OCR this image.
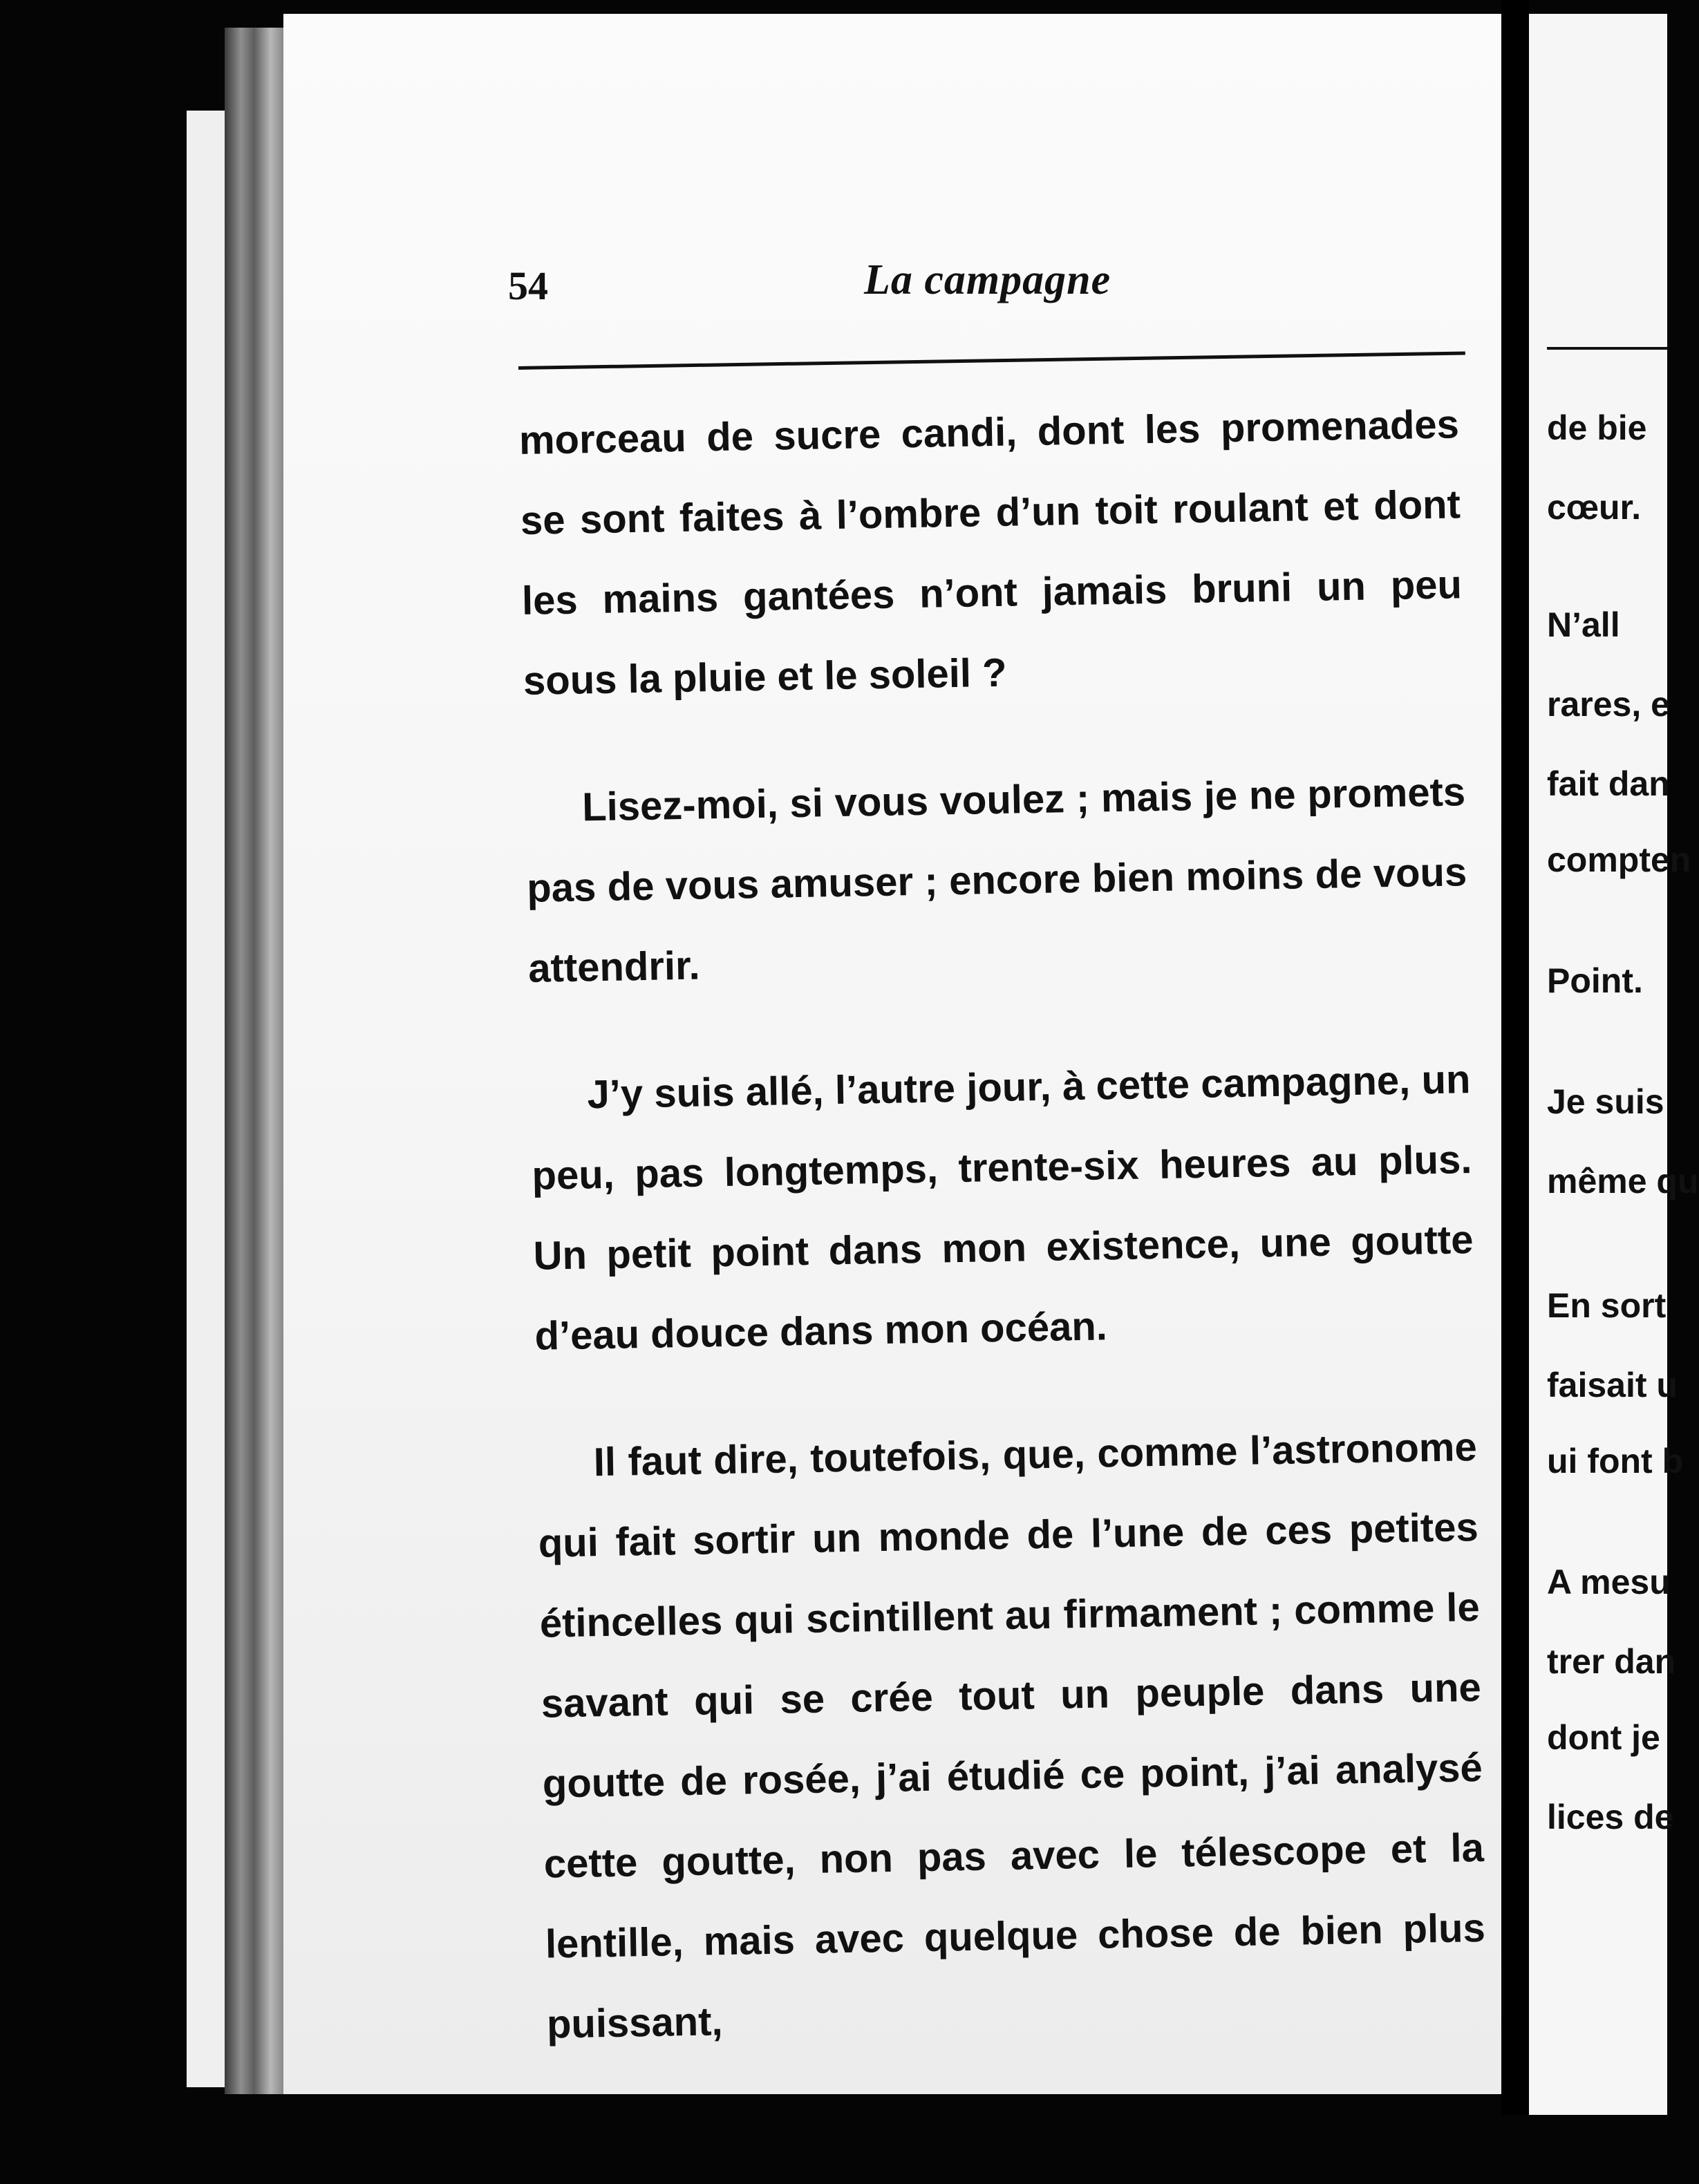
54	La campagne

morceau de sucre candi, dont les promenades se sont faites à l’ombre d’un toit roulant et dont les mains gantées n’ont jamais bruni un peu sous la pluie et le soleil ?

Lisez-moi, si vous voulez ; mais je ne promets pas de vous amuser ; encore bien moins de vous attendrir.

J’y suis allé, l’autre jour, à cette campagne, un peu, pas longtemps, trente-six heures au plus. Un petit point dans mon existence, une goutte d’eau douce dans mon océan.

Il faut dire, toutefois, que, comme l’astronome qui fait sortir un monde de l’une de ces petites étincelles qui scintillent au firmament ; comme le savant qui se crée tout un peuple dans une goutte de rosée, j’ai étudié ce point, j’ai analysé cette goutte, non pas avec le télescope et la lentille, mais avec quelque chose de bien plus puissant,

de bie

cœur.

N’all

rares, e

fait dan

compten

Point.

Je suis

même qu

En sort

faisait u

ui font b

A mesu

trer dan

dont je

lices de
